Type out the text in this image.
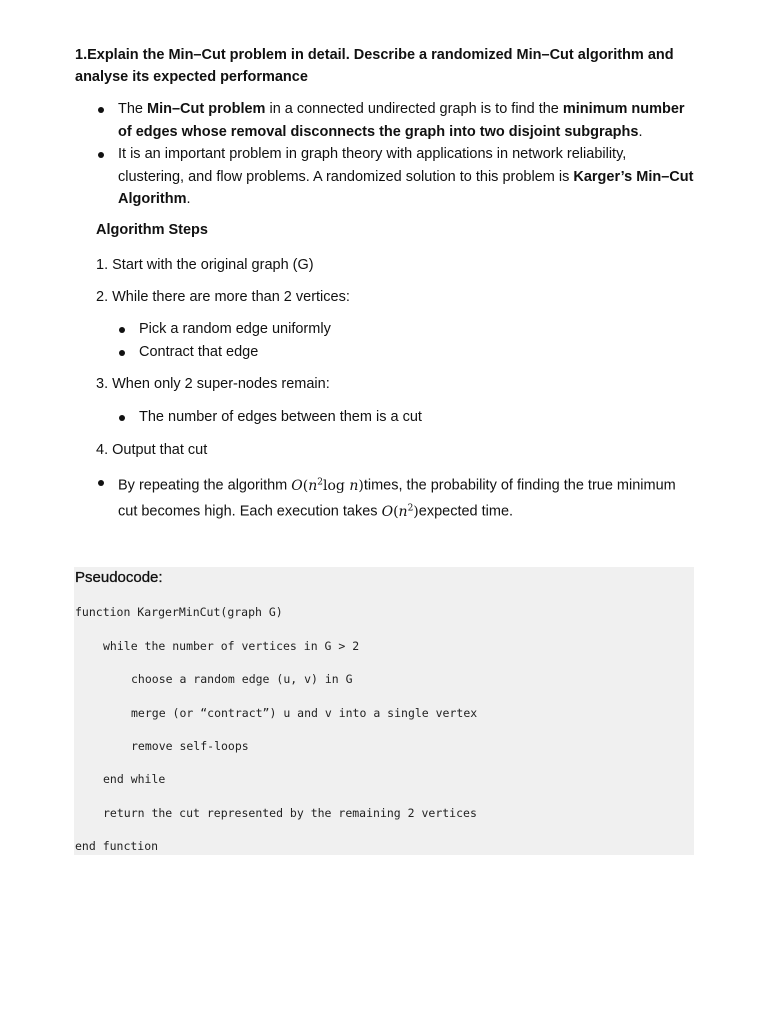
1.Explain the Min–Cut problem in detail. Describe a randomized Min–Cut algorithm and analyse its expected performance

The Min–Cut problem in a connected undirected graph is to find the minimum number of edges whose removal disconnects the graph into two disjoint subgraphs.
It is an important problem in graph theory with applications in network reliability, clustering, and flow problems. A randomized solution to this problem is Karger’s Min–Cut Algorithm.

Algorithm Steps

1. Start with the original graph (G)

2. While there are more than 2 vertices:

Pick a random edge uniformly
Contract that edge

3. When only 2 super-nodes remain:

The number of edges between them is a cut

4. Output that cut

By repeating the algorithm $O(n^2\log$ n)times, the probability of finding the true minimum cut becomes high. Each execution takes $O(n^2)expected$ time.
Pseudocode:

function KargerMinCut(graph G)

while the number of vertices in G > 2

choose a random edge (u, v) in G

merge (or “contract”) u and v into a single vertex

remove self-loops

end while

return the cut represented by the remaining 2 vertices

end function
